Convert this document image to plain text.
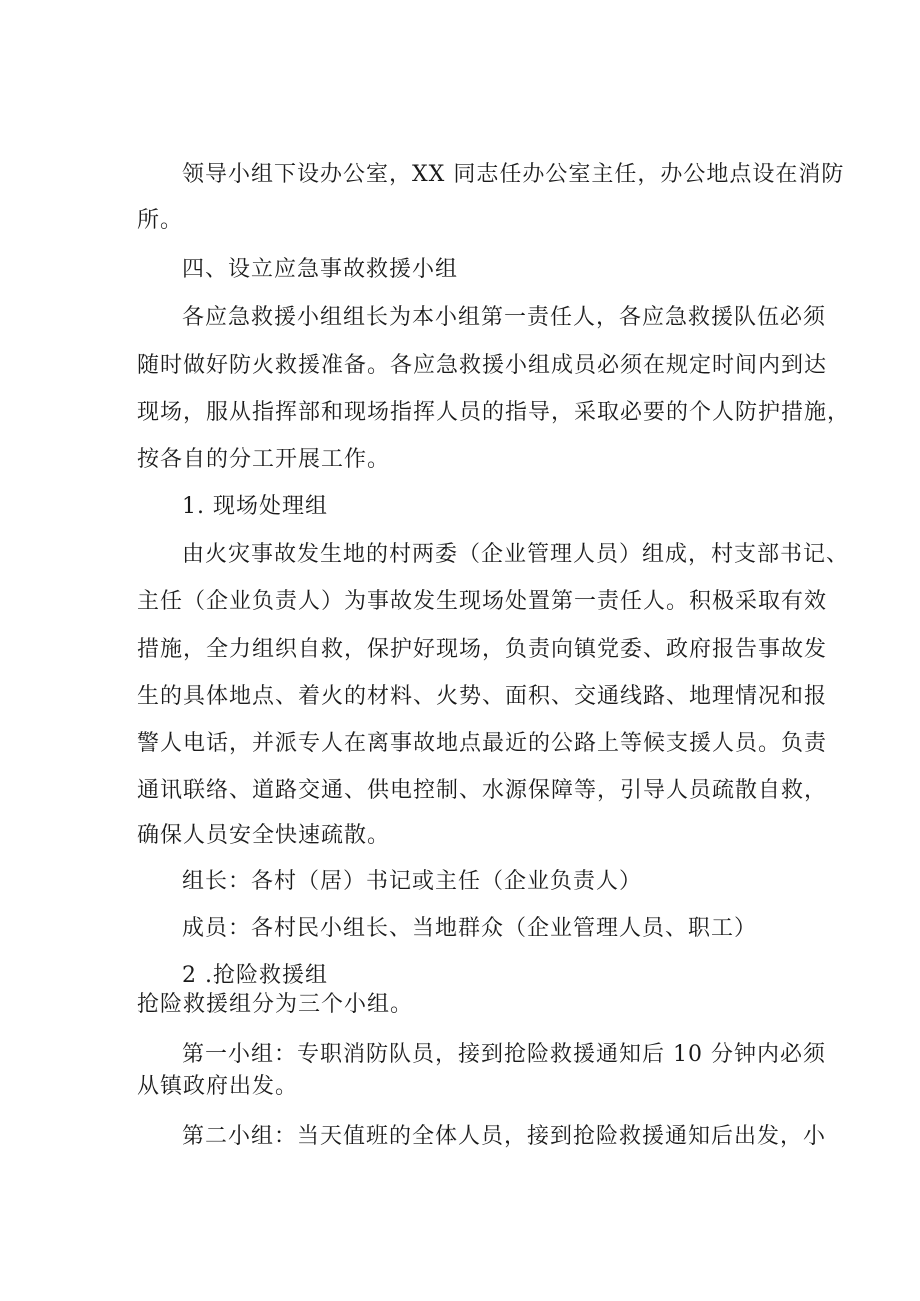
领导小组下设办公室，XX 同志任办公室主任，办公地点设在消防
所。
四、设立应急事故救援小组
各应急救援小组组长为本小组第一责任人，各应急救援队伍必须
随时做好防火救援准备。各应急救援小组成员必须在规定时间内到达
现场，服从指挥部和现场指挥人员的指导，采取必要的个人防护措施，
按各自的分工开展工作。
1. 现场处理组
由火灾事故发生地的村两委（企业管理人员）组成，村支部书记、
主任（企业负责人）为事故发生现场处置第一责任人。积极采取有效
措施，全力组织自救，保护好现场，负责向镇党委、政府报告事故发
生的具体地点、着火的材料、火势、面积、交通线路、地理情况和报
警人电话，并派专人在离事故地点最近的公路上等候支援人员。负责
通讯联络、道路交通、供电控制、水源保障等，引导人员疏散自救，
确保人员安全快速疏散。
组长：各村（居）书记或主任（企业负责人）
成员：各村民小组长、当地群众（企业管理人员、职工）
2 .抢险救援组
抢险救援组分为三个小组。
第一小组：专职消防队员，接到抢险救援通知后 10 分钟内必须
从镇政府出发。
第二小组：当天值班的全体人员，接到抢险救援通知后出发，小
